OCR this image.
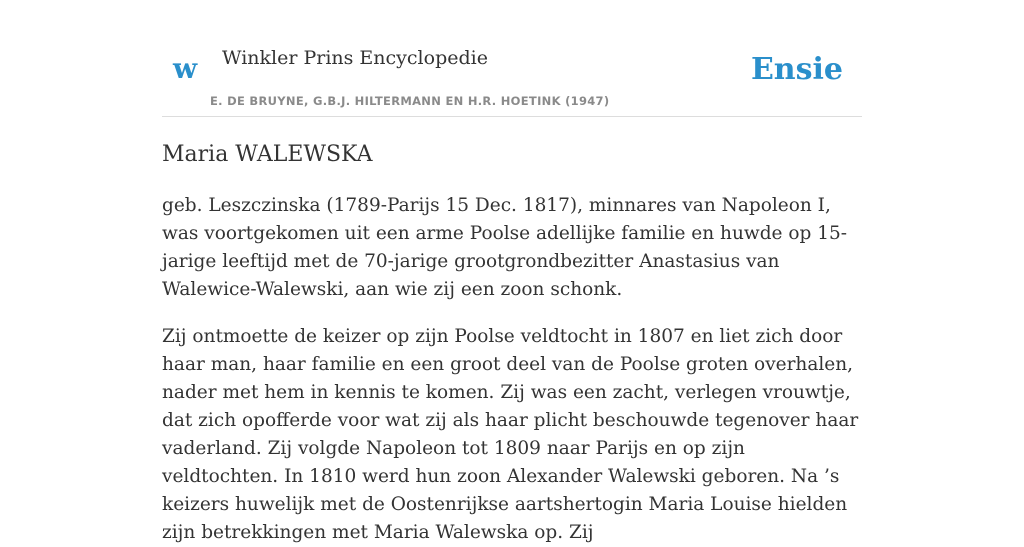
w Winkler Prins Encyclopedie
E. DE BRUYNE, G.B.J. HILTERMANN EN H.R. HOETINK (1947)
Ensie
Maria WALEWSKA

geb. Leszczinska (1789-Parijs 15 Dec. 1817), minnares van Napoleon I, was voortgekomen uit een arme Poolse adellijke familie en huwde op 15-jarige leeftijd met de 70-jarige grootgrondbezitter Anastasius van Walewice-Walewski, aan wie zij een zoon schonk.

Zij ontmoette de keizer op zijn Poolse veldtocht in 1807 en liet zich door haar man, haar familie en een groot deel van de Poolse groten overhalen, nader met hem in kennis te komen. Zij was een zacht, verlegen vrouwtje, dat zich opofferde voor wat zij als haar plicht beschouwde tegenover haar vaderland. Zij volgde Napoleon tot 1809 naar Parijs en op zijn veldtochten. In 1810 werd hun zoon Alexander Walewski geboren. Na ’s keizers huwelijk met de Oostenrijkse aartshertogin Maria Louise hielden zijn betrekkingen met Maria Walewska op. Zij
